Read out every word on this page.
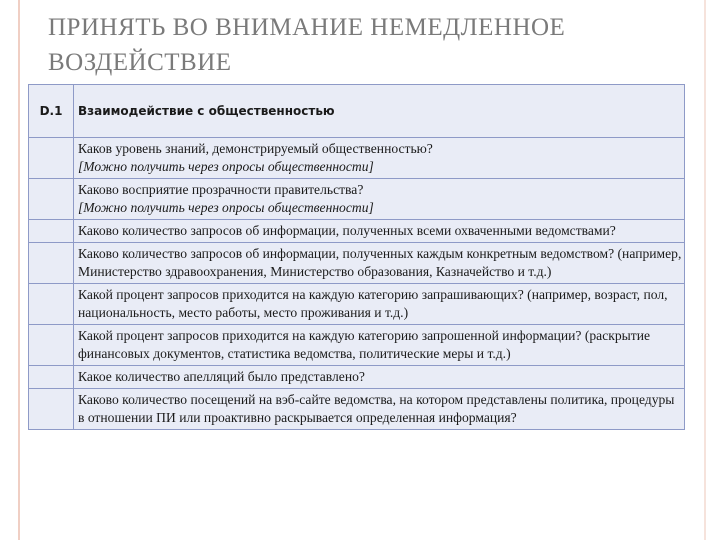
ПРИНЯТЬ ВО ВНИМАНИЕ НЕМЕДЛЕННОЕ ВОЗДЕЙСТВИЕ
D.1	Взаимодействие с общественностью

	Каков уровень знаний, демонстрируемый общественностью?
[Можно получить через опросы общественности]

	Каково восприятие прозрачности правительства?
[Можно получить через опросы общественности]

	Каково количество запросов об информации, полученных всеми охваченными ведомствами?

	Каково количество запросов об информации, полученных каждым конкретным ведомством? (например, Министерство здравоохранения, Министерство образования, Казначейство и т.д.)

	Какой процент запросов приходится на каждую категорию запрашивающих? (например, возраст, пол, национальность, место работы, место проживания и т.д.)

	Какой процент запросов приходится на каждую категорию запрошенной информации? (раскрытие финансовых документов, статистика ведомства, политические меры и т.д.)

	Какое количество апелляций было представлено?

	Каково количество посещений на вэб-сайте ведомства, на котором представлены политика, процедуры в отношении ПИ или проактивно раскрывается определенная информация?
